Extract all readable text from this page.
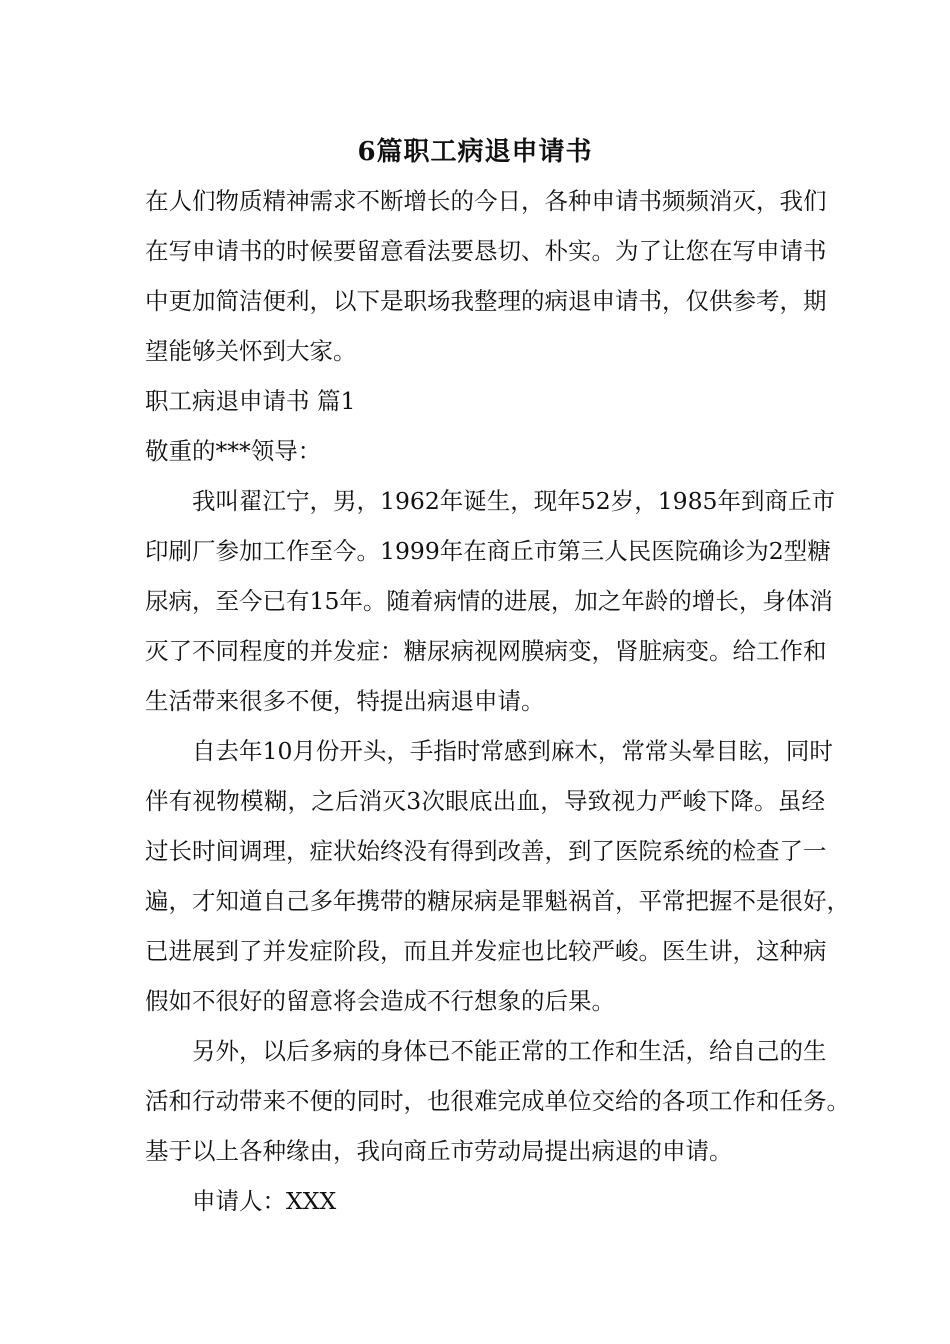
6篇职工病退申请书
在人们物质精神需求不断增长的今日，各种申请书频频消灭，我们
在写申请书的时候要留意看法要恳切、朴实。为了让您在写申请书
中更加简洁便利，以下是职场我整理的病退申请书，仅供参考，期
望能够关怀到大家。
职工病退申请书 篇1
敬重的***领导：
我叫翟江宁，男，1962年诞生，现年52岁，1985年到商丘市
印刷厂参加工作至今。1999年在商丘市第三人民医院确诊为2型糖
尿病，至今已有15年。随着病情的进展，加之年龄的增长，身体消
灭了不同程度的并发症：糖尿病视网膜病变，肾脏病变。给工作和
生活带来很多不便，特提出病退申请。
自去年10月份开头，手指时常感到麻木，常常头晕目眩，同时
伴有视物模糊，之后消灭3次眼底出血，导致视力严峻下降。虽经
过长时间调理，症状始终没有得到改善，到了医院系统的检查了一
遍，才知道自己多年携带的糖尿病是罪魁祸首，平常把握不是很好，
已进展到了并发症阶段，而且并发症也比较严峻。医生讲，这种病
假如不很好的留意将会造成不行想象的后果。
另外，以后多病的身体已不能正常的工作和生活，给自己的生
活和行动带来不便的同时，也很难完成单位交给的各项工作和任务。
基于以上各种缘由，我向商丘市劳动局提出病退的申请。
申请人：XXX
